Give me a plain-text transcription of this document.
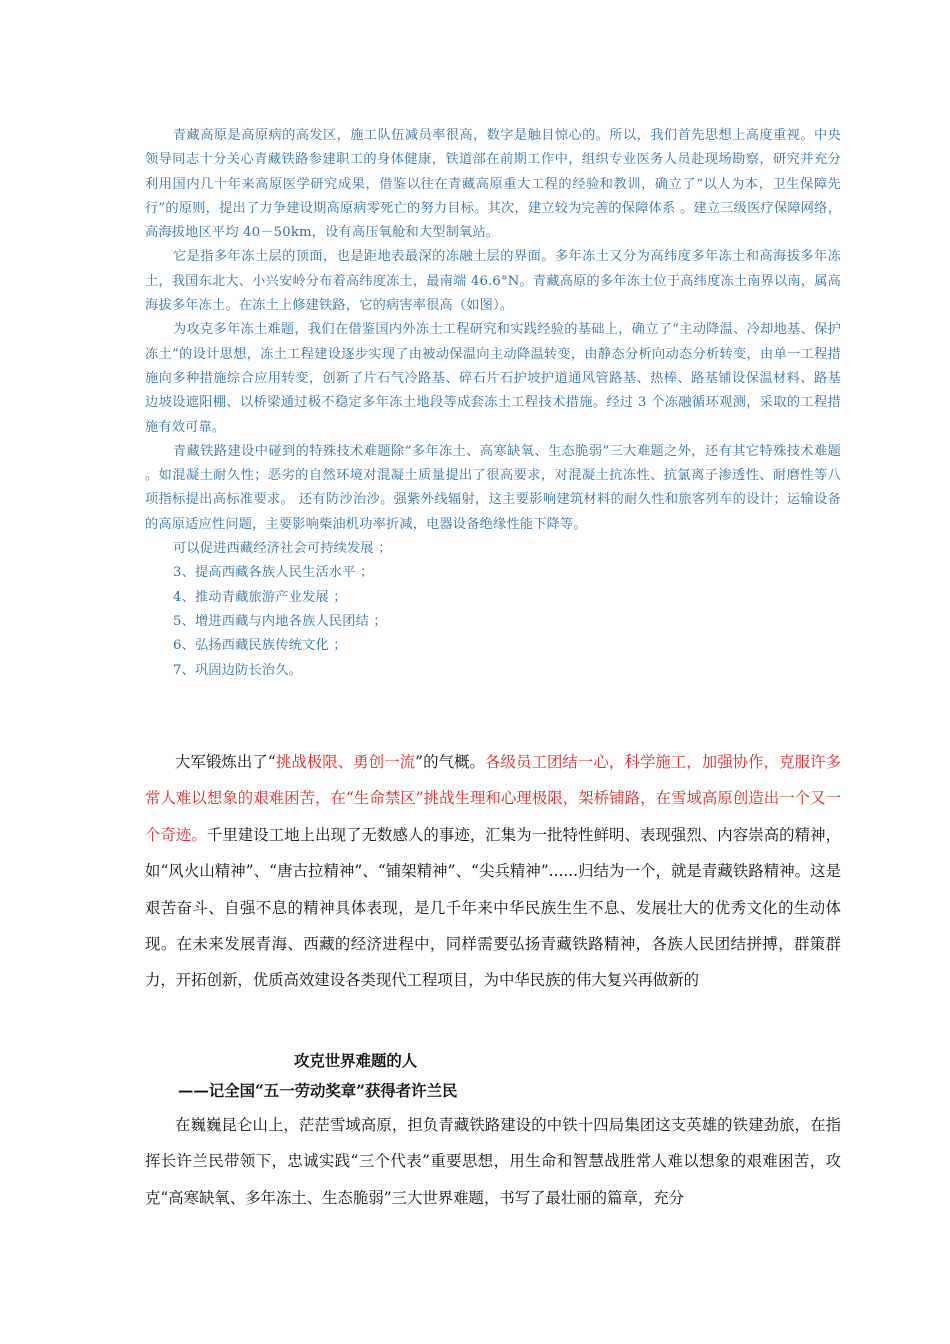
青藏高原是高原病的高发区，施工队伍减员率很高，数字是触目惊心的。所以，我们首先思想上高度重视。中央领导同志十分关心青藏铁路参建职工的身体健康，铁道部在前期工作中，组织专业医务人员赴现场勘察，研究并充分利用国内几十年来高原医学研究成果，借鉴以往在青藏高原重大工程的经验和教训，确立了“以人为本，卫生保障先行”的原则，提出了力争建设期高原病零死亡的努力目标。其次，建立较为完善的保障体系 。建立三级医疗保障网络，高海拔地区平均 40－50km，设有高压氧舱和大型制氧站。

它是指多年冻土层的顶面，也是距地表最深的冻融土层的界面。多年冻土又分为高纬度多年冻土和高海拔多年冻土，我国东北大、小兴安岭分布着高纬度冻土，最南端 46.6°N。青藏高原的多年冻土位于高纬度冻土南界以南，属高海拔多年冻土。在冻土上修建铁路，它的病害率很高（如图）。

为攻克多年冻土难题，我们在借鉴国内外冻土工程研究和实践经验的基础上，确立了“主动降温、冷却地基、保护冻土”的设计思想，冻土工程建设逐步实现了由被动保温向主动降温转变，由静态分析向动态分析转变，由单一工程措施向多种措施综合应用转变，创新了片石气冷路基、碎石片石护坡护道通风管路基、热棒、路基铺设保温材料、路基边坡设遮阳棚、以桥梁通过极不稳定多年冻土地段等成套冻土工程技术措施。经过 3 个冻融循环观测，采取的工程措施有效可靠。

青藏铁路建设中碰到的特殊技术难题除“多年冻土、高寒缺氧、生态脆弱”三大难题之外，还有其它特殊技术难题 。如混凝土耐久性；恶劣的自然环境对混凝土质量提出了很高要求，对混凝土抗冻性、抗氯离子渗透性、耐磨性等八项指标提出高标准要求。 还有防沙治沙。强紫外线辐射，这主要影响建筑材料的耐久性和旅客列车的设计；运输设备的高原适应性问题，主要影响柴油机功率折减，电器设备绝缘性能下降等。

可以促进西藏经济社会可持续发展 ；

3、提高西藏各族人民生活水平 ；

4、推动青藏旅游产业发展 ；

5、增进西藏与内地各族人民团结 ；

6、弘扬西藏民族传统文化 ；

7、巩固边防长治久。

大军锻炼出了“挑战极限、勇创一流”的气概。各级员工团结一心，科学施工，加强协作，克服许多常人难以想象的艰难困苦，在“生命禁区”挑战生理和心理极限，架桥铺路，在雪域高原创造出一个又一个奇迹。千里建设工地上出现了无数感人的事迹，汇集为一批特性鲜明、表现强烈、内容崇高的精神，如“风火山精神”、“唐古拉精神”、“铺架精神”、“尖兵精神”......归结为一个，就是青藏铁路精神。这是艰苦奋斗、自强不息的精神具体表现，是几千年来中华民族生生不息、发展壮大的优秀文化的生动体现。在未来发展青海、西藏的经济进程中，同样需要弘扬青藏铁路精神，各族人民团结拼搏，群策群力，开拓创新，优质高效建设各类现代工程项目，为中华民族的伟大复兴再做新的

攻克世界难题的人
——记全国“五一劳动奖章”获得者许兰民

在巍巍昆仑山上，茫茫雪域高原，担负青藏铁路建设的中铁十四局集团这支英雄的铁建劲旅，在指挥长许兰民带领下，忠诚实践“三个代表”重要思想，用生命和智慧战胜常人难以想象的艰难困苦，攻克“高寒缺氧、多年冻土、生态脆弱”三大世界难题，书写了最壮丽的篇章，充分
